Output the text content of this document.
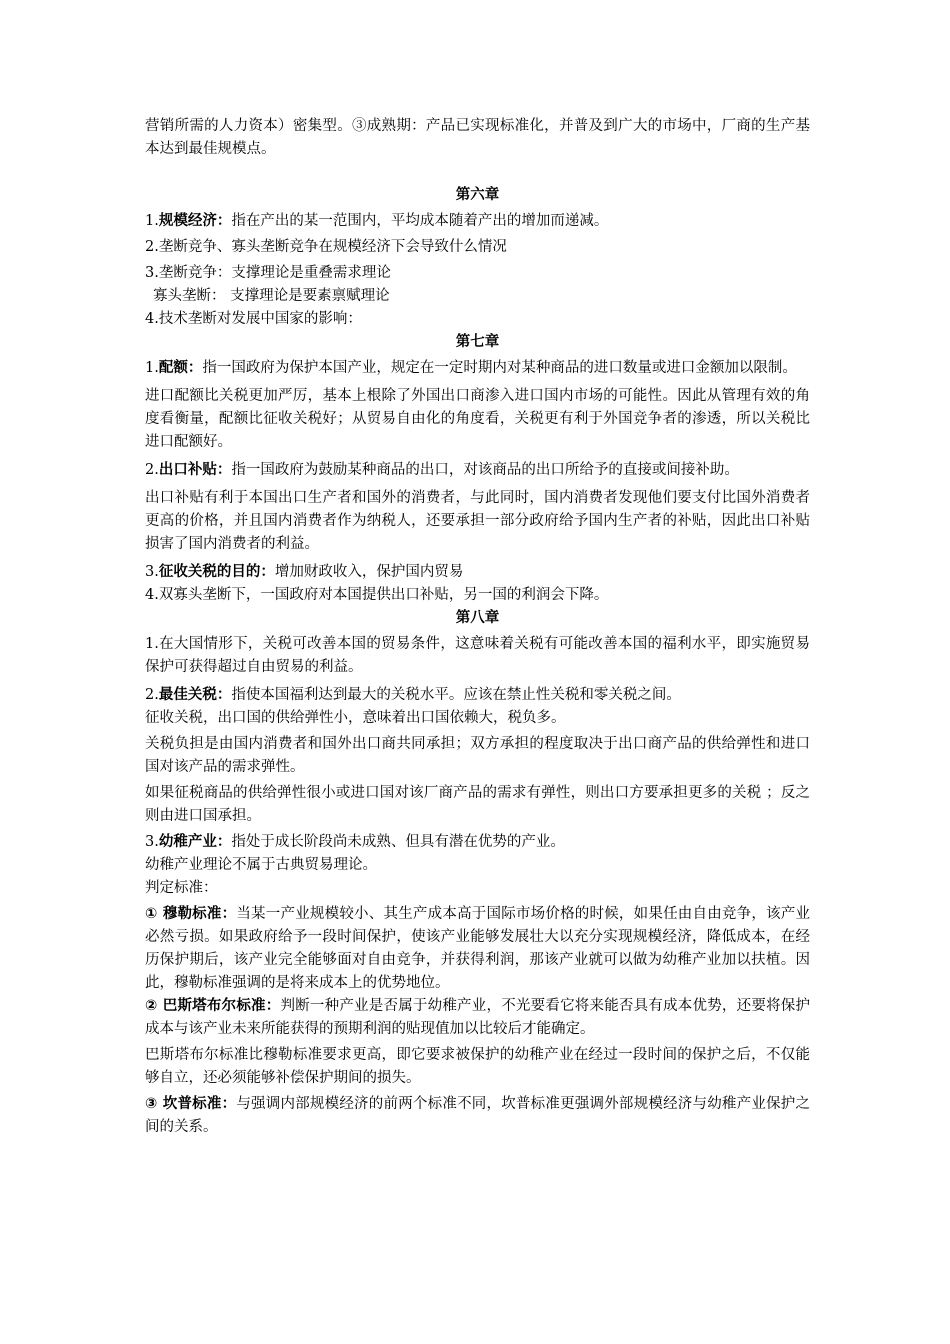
营销所需的人力资本）密集型。③成熟期：产品已实现标准化，并普及到广大的市场中，厂商的生产基本达到最佳规模点。

第六章

1.规模经济：指在产出的某一范围内，平均成本随着产出的增加而递减。

2.垄断竞争、寡头垄断竞争在规模经济下会导致什么情况

3.垄断竞争：支撑理论是重叠需求理论

寡头垄断： 支撑理论是要素禀赋理论

4.技术垄断对发展中国家的影响：

第七章

1.配额：指一国政府为保护本国产业，规定在一定时期内对某种商品的进口数量或进口金额加以限制。

进口配额比关税更加严厉，基本上根除了外国出口商渗入进口国内市场的可能性。因此从管理有效的角度看衡量，配额比征收关税好；从贸易自由化的角度看，关税更有利于外国竞争者的渗透，所以关税比进口配额好。

2.出口补贴：指一国政府为鼓励某种商品的出口，对该商品的出口所给予的直接或间接补助。

出口补贴有利于本国出口生产者和国外的消费者，与此同时，国内消费者发现他们要支付比国外消费者更高的价格，并且国内消费者作为纳税人，还要承担一部分政府给予国内生产者的补贴，因此出口补贴损害了国内消费者的利益。

3.征收关税的目的：增加财政收入，保护国内贸易

4.双寡头垄断下，一国政府对本国提供出口补贴，另一国的利润会下降。

第八章

1.在大国情形下，关税可改善本国的贸易条件，这意味着关税有可能改善本国的福利水平，即实施贸易保护可获得超过自由贸易的利益。

2.最佳关税：指使本国福利达到最大的关税水平。应该在禁止性关税和零关税之间。

征收关税，出口国的供给弹性小，意味着出口国依赖大，税负多。

关税负担是由国内消费者和国外出口商共同承担；双方承担的程度取决于出口商产品的供给弹性和进口国对该产品的需求弹性。

如果征税商品的供给弹性很小或进口国对该厂商产品的需求有弹性，则出口方要承担更多的关税 ；反之则由进口国承担。

3.幼稚产业：指处于成长阶段尚未成熟、但具有潜在优势的产业。

幼稚产业理论不属于古典贸易理论。

判定标准：

① 穆勒标准：当某一产业规模较小、其生产成本高于国际市场价格的时候，如果任由自由竞争，该产业必然亏损。如果政府给予一段时间保护，使该产业能够发展壮大以充分实现规模经济，降低成本，在经历保护期后，该产业完全能够面对自由竞争，并获得利润，那该产业就可以做为幼稚产业加以扶植。因此，穆勒标准强调的是将来成本上的优势地位。

② 巴斯塔布尔标准：判断一种产业是否属于幼稚产业，不光要看它将来能否具有成本优势，还要将保护成本与该产业未来所能获得的预期利润的贴现值加以比较后才能确定。

巴斯塔布尔标准比穆勒标准要求更高，即它要求被保护的幼稚产业在经过一段时间的保护之后，不仅能够自立，还必须能够补偿保护期间的损失。

③ 坎普标准：与强调内部规模经济的前两个标准不同，坎普标准更强调外部规模经济与幼稚产业保护之间的关系。
